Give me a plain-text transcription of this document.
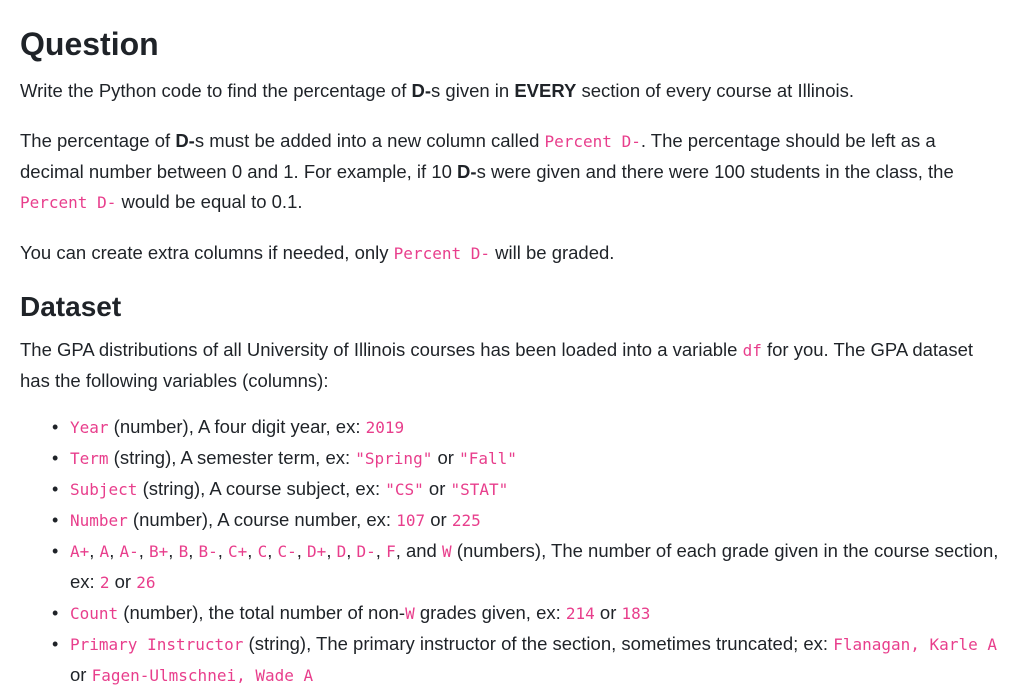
Question

Write the Python code to find the percentage of D-s given in EVERY section of every course at Illinois.

The percentage of D-s must be added into a new column called Percent D-. The percentage should be left as a decimal number between 0 and 1. For example, if 10 D-s were given and there were 100 students in the class, the Percent D- would be equal to 0.1.

You can create extra columns if needed, only Percent D- will be graded.

Dataset

The GPA distributions of all University of Illinois courses has been loaded into a variable df for you. The GPA dataset has the following variables (columns):

• Year (number), A four digit year, ex: 2019
• Term (string), A semester term, ex: "Spring" or "Fall"
• Subject (string), A course subject, ex: "CS" or "STAT"
• Number (number), A course number, ex: 107 or 225
• A+, A, A-, B+, B, B-, C+, C, C-, D+, D, D-, F, and W (numbers), The number of each grade given in the course section, ex: 2 or 26
• Count (number), the total number of non-W grades given, ex: 214 or 183
• Primary Instructor (string), The primary instructor of the section, sometimes truncated; ex: Flanagan, Karle A or Fagen-Ulmschnei, Wade A
